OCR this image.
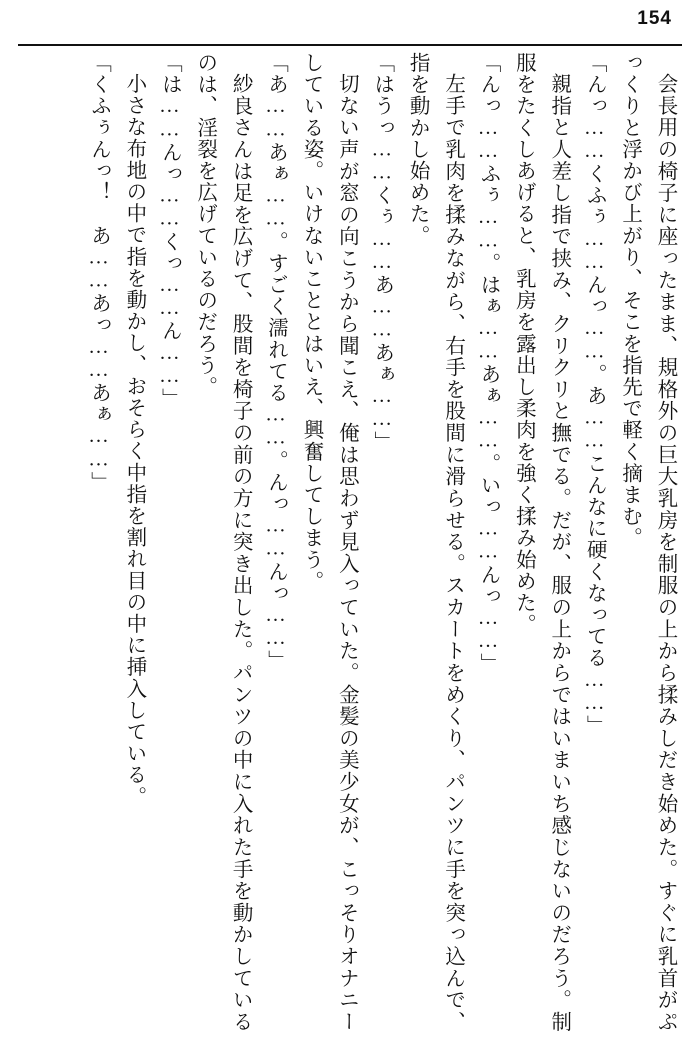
154

会長用の椅子に座ったまま、規格外の巨大乳房を制服の上から揉みしだき始めた。すぐに乳首がぷっくりと浮かび上がり、そこを指先で軽く摘まむ。

「んっ……くふぅ……んっ……。あ……こんなに硬くなってる……」

親指と人差し指で挟み、クリクリと撫でる。だが、服の上からではいまいち感じないのだろう。制服をたくしあげると、乳房を露出し柔肉を強く揉み始めた。

「んっ……ふぅ……。はぁ……あぁ……。いっ……んっ……」

左手で乳肉を揉みながら、右手を股間に滑らせる。スカートをめくり、パンツに手を突っ込んで、指を動かし始めた。

「はうっ……くぅ……あ……あぁ……」

切ない声が窓の向こうから聞こえ、俺は思わず見入っていた。金髪の美少女が、こっそりオナニーしている姿。いけないこととはいえ、興奮してしまう。

「あ……あぁ……。すごく濡れてる……。んっ……んっ……」

紗良さんは足を広げて、股間を椅子の前の方に突き出した。パンツの中に入れた手を動かしているのは、淫裂を広げているのだろう。

「は……んっ……くっ……ん……」

小さな布地の中で指を動かし、おそらく中指を割れ目の中に挿入している。

「くふぅんっ！　あ……あっ……あぁ……」
